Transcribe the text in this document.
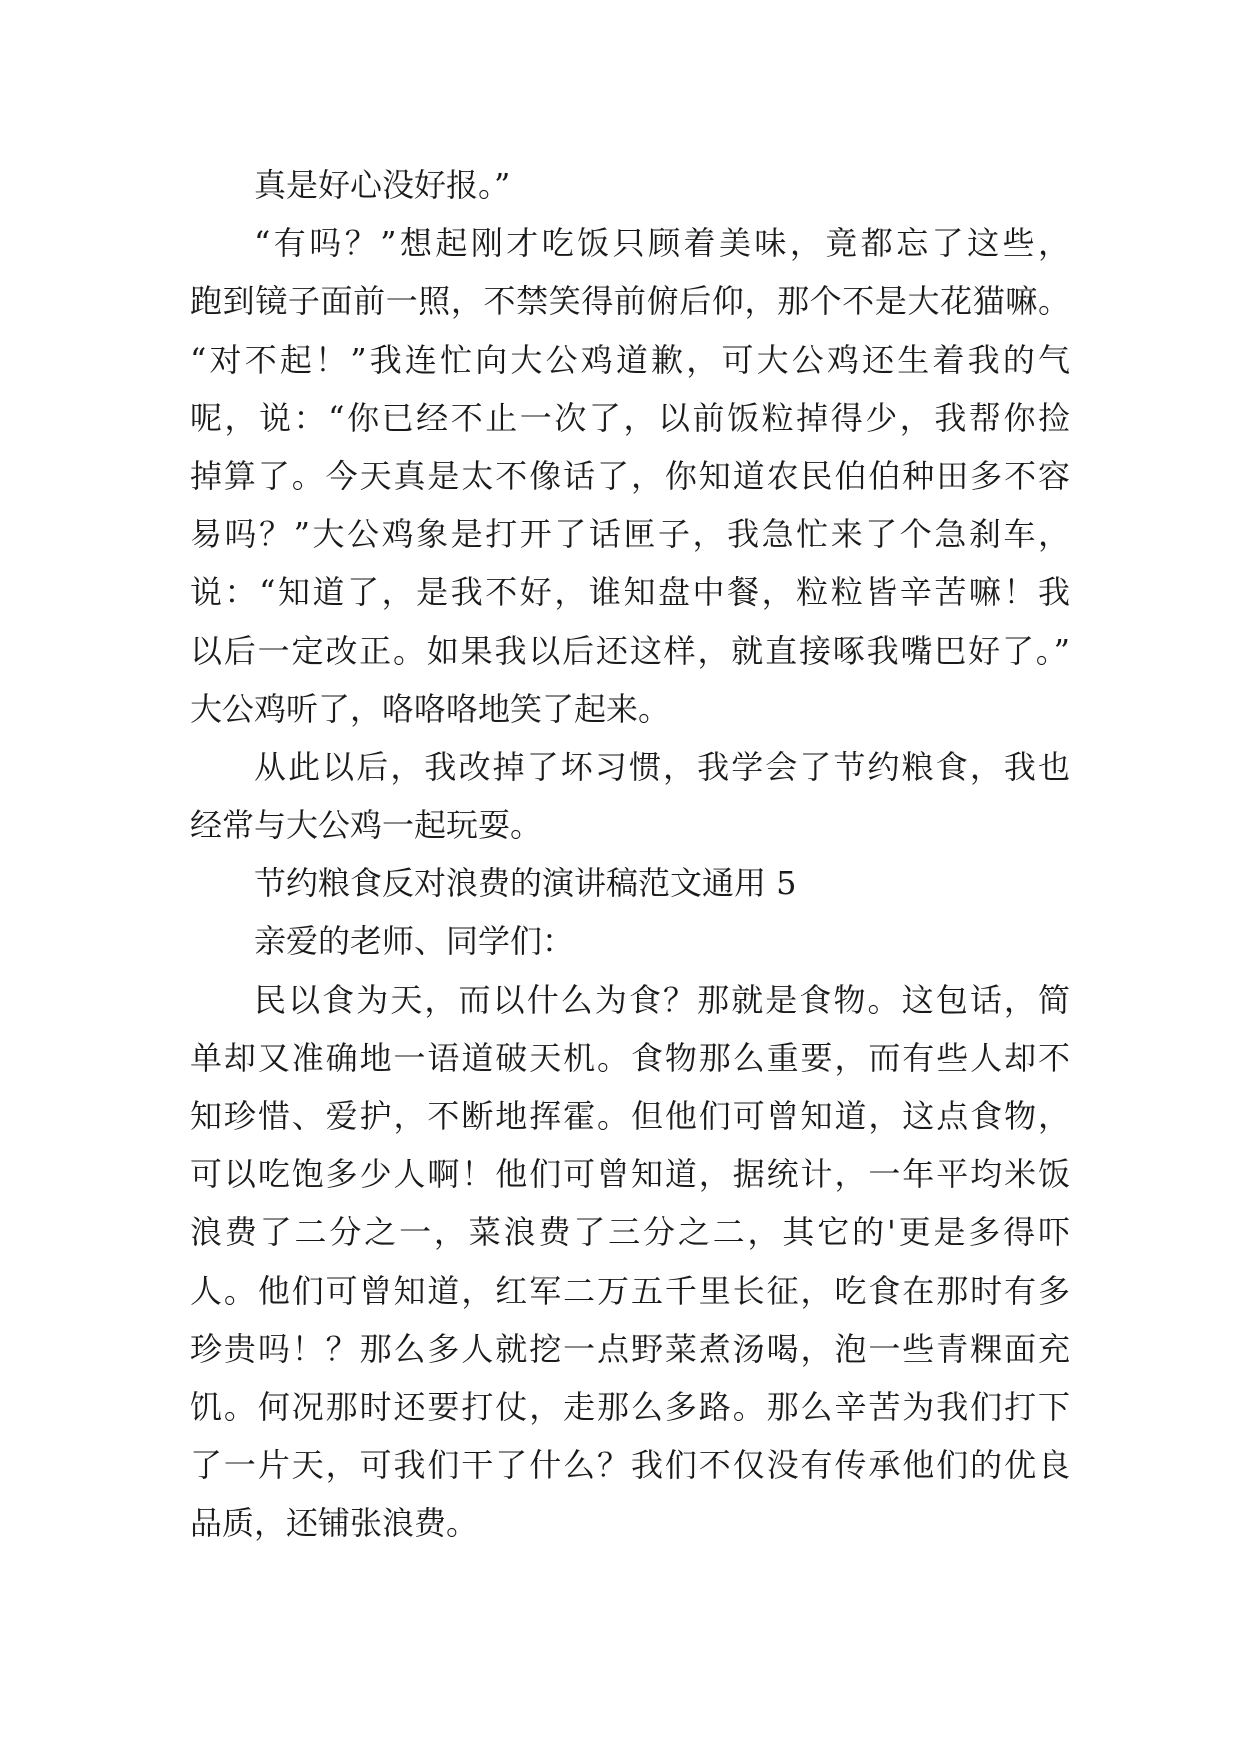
真是好心没好报。”
“有吗？”想起刚才吃饭只顾着美味，竟都忘了这些，
跑到镜子面前一照，不禁笑得前俯后仰，那个不是大花猫嘛。
“对不起！”我连忙向大公鸡道歉，可大公鸡还生着我的气
呢，说：“你已经不止一次了，以前饭粒掉得少，我帮你捡
掉算了。今天真是太不像话了，你知道农民伯伯种田多不容
易吗？”大公鸡象是打开了话匣子，我急忙来了个急刹车，
说：“知道了，是我不好，谁知盘中餐，粒粒皆辛苦嘛！我
以后一定改正。如果我以后还这样，就直接啄我嘴巴好了。”
大公鸡听了，咯咯咯地笑了起来。
从此以后，我改掉了坏习惯，我学会了节约粮食，我也
经常与大公鸡一起玩耍。
节约粮食反对浪费的演讲稿范文通用 5
亲爱的老师、同学们：
民以食为天，而以什么为食？那就是食物。这包话，简
单却又准确地一语道破天机。食物那么重要，而有些人却不
知珍惜、爱护，不断地挥霍。但他们可曾知道，这点食物，
可以吃饱多少人啊！他们可曾知道，据统计，一年平均米饭
浪费了二分之一，菜浪费了三分之二，其它的'更是多得吓
人。他们可曾知道，红军二万五千里长征，吃食在那时有多
珍贵吗！？那么多人就挖一点野菜煮汤喝，泡一些青粿面充
饥。何况那时还要打仗，走那么多路。那么辛苦为我们打下
了一片天，可我们干了什么？我们不仅没有传承他们的优良
品质，还铺张浪费。
